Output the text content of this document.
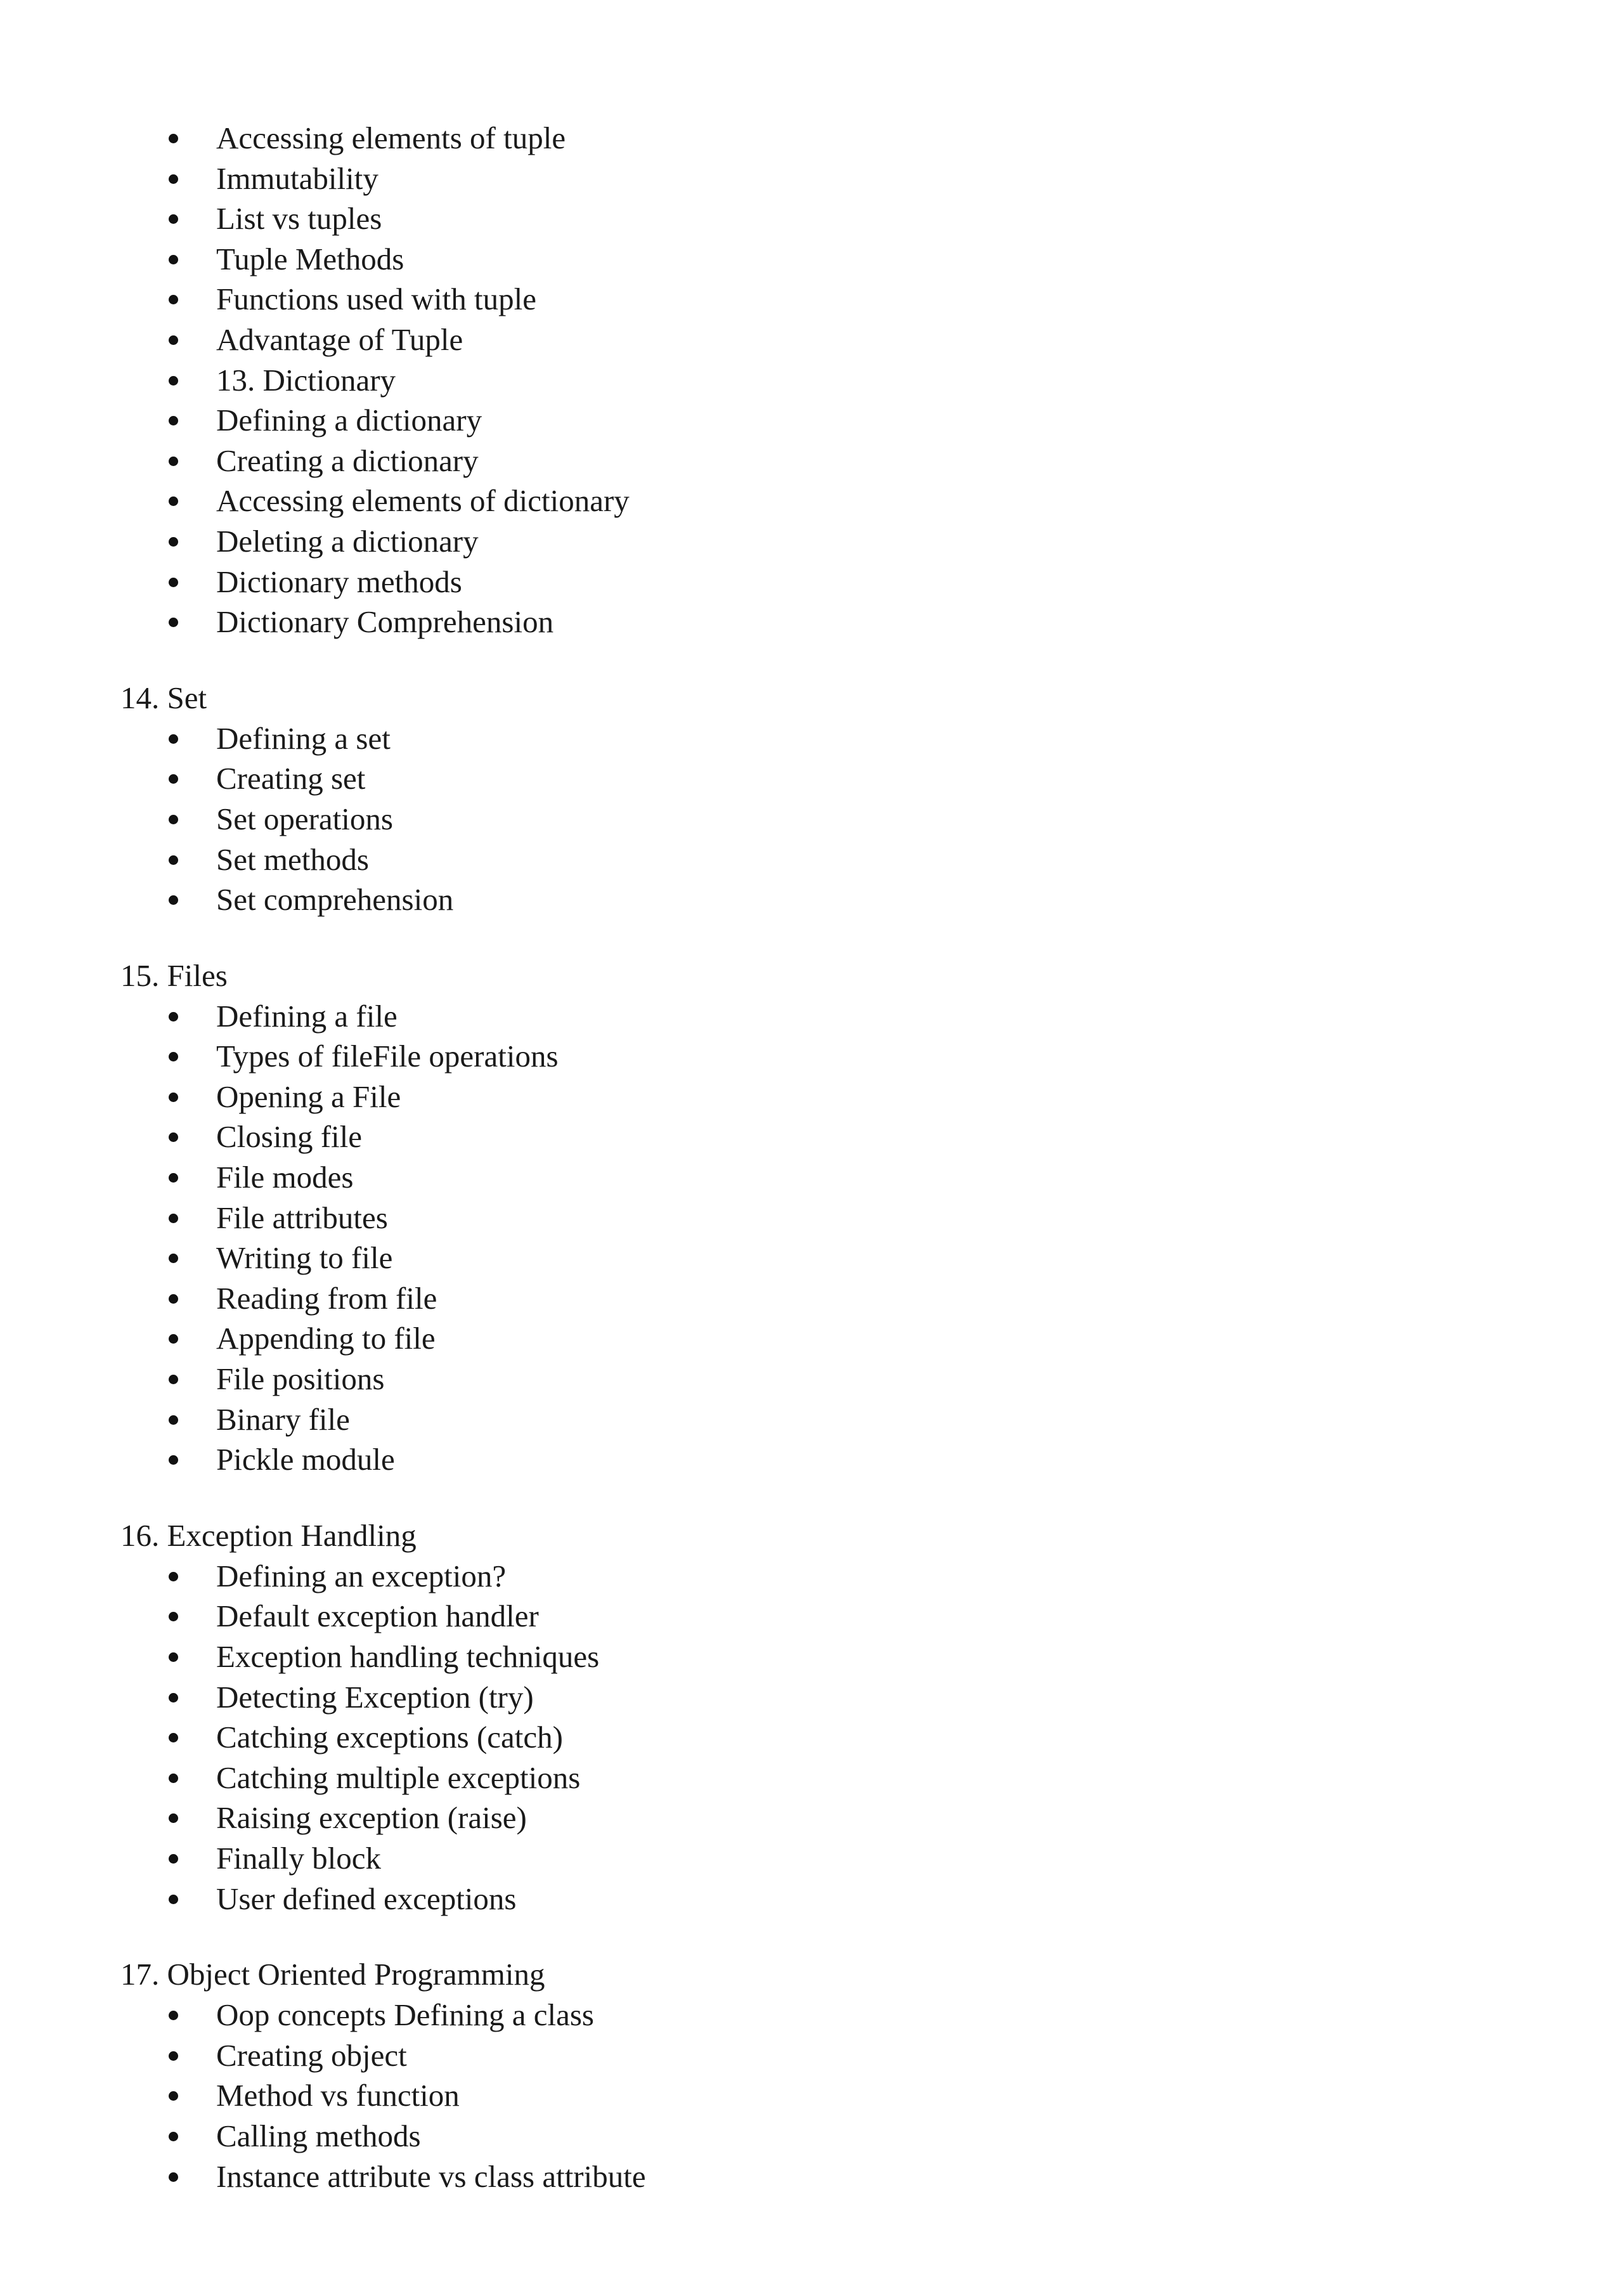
Accessing elements of tuple
Immutability
List vs tuples
Tuple Methods
Functions used with tuple
Advantage of Tuple
13. Dictionary
Defining a dictionary
Creating a dictionary
Accessing elements of dictionary
Deleting a dictionary
Dictionary methods
Dictionary Comprehension
14. Set
Defining a set
Creating set
Set operations
Set methods
Set comprehension
15. Files
Defining a file
Types of fileFile operations
Opening a File
Closing file
File modes
File attributes
Writing to file
Reading from file
Appending to file
File positions
Binary file
Pickle module
16. Exception Handling
Defining an exception?
Default exception handler
Exception handling techniques
Detecting Exception (try)
Catching exceptions (catch)
Catching multiple exceptions
Raising exception (raise)
Finally block
User defined exceptions
17. Object Oriented Programming
Oop concepts Defining a class
Creating object
Method vs function
Calling methods
Instance attribute vs class attribute
